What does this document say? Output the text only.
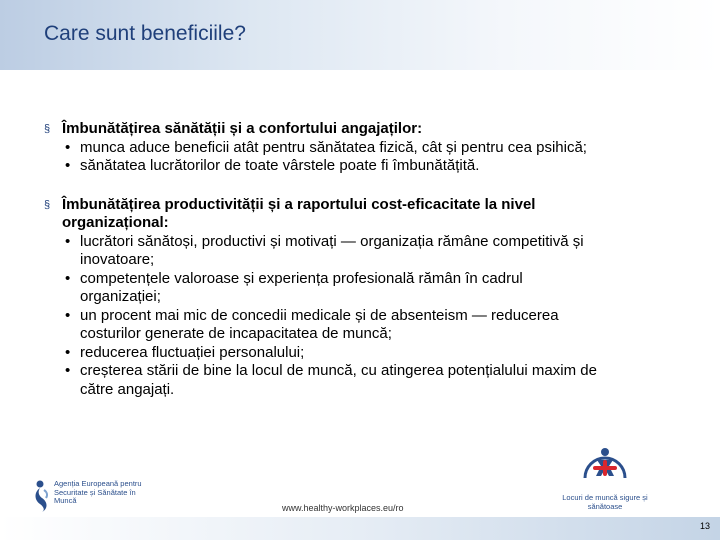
Care sunt beneficiile?
§ Îmbunătățirea sănătății și a confortului angajaților:
• munca aduce beneficii atât pentru sănătatea fizică, cât și pentru cea psihică;
• sănătatea lucrătorilor de toate vârstele poate fi îmbunătățită.
§ Îmbunătățirea productivității și a raportului cost-eficacitate la nivel organizațional:
• lucrători sănătoși, productivi și motivați — organizația rămâne competitivă și inovatoare;
• competențele valoroase și experiența profesională rămân în cadrul organizației;
• un procent mai mic de concedii medicale și de absenteism — reducerea costurilor generate de incapacitatea de muncă;
• reducerea fluctuației personalului;
• creșterea stării de bine la locul de muncă, cu atingerea potențialului maxim de către angajați.
Agenția Europeană pentru Securitate și Sănătate în Muncă
www.healthy-workplaces.eu/ro
Locuri de muncă sigure și sănătoase
13
